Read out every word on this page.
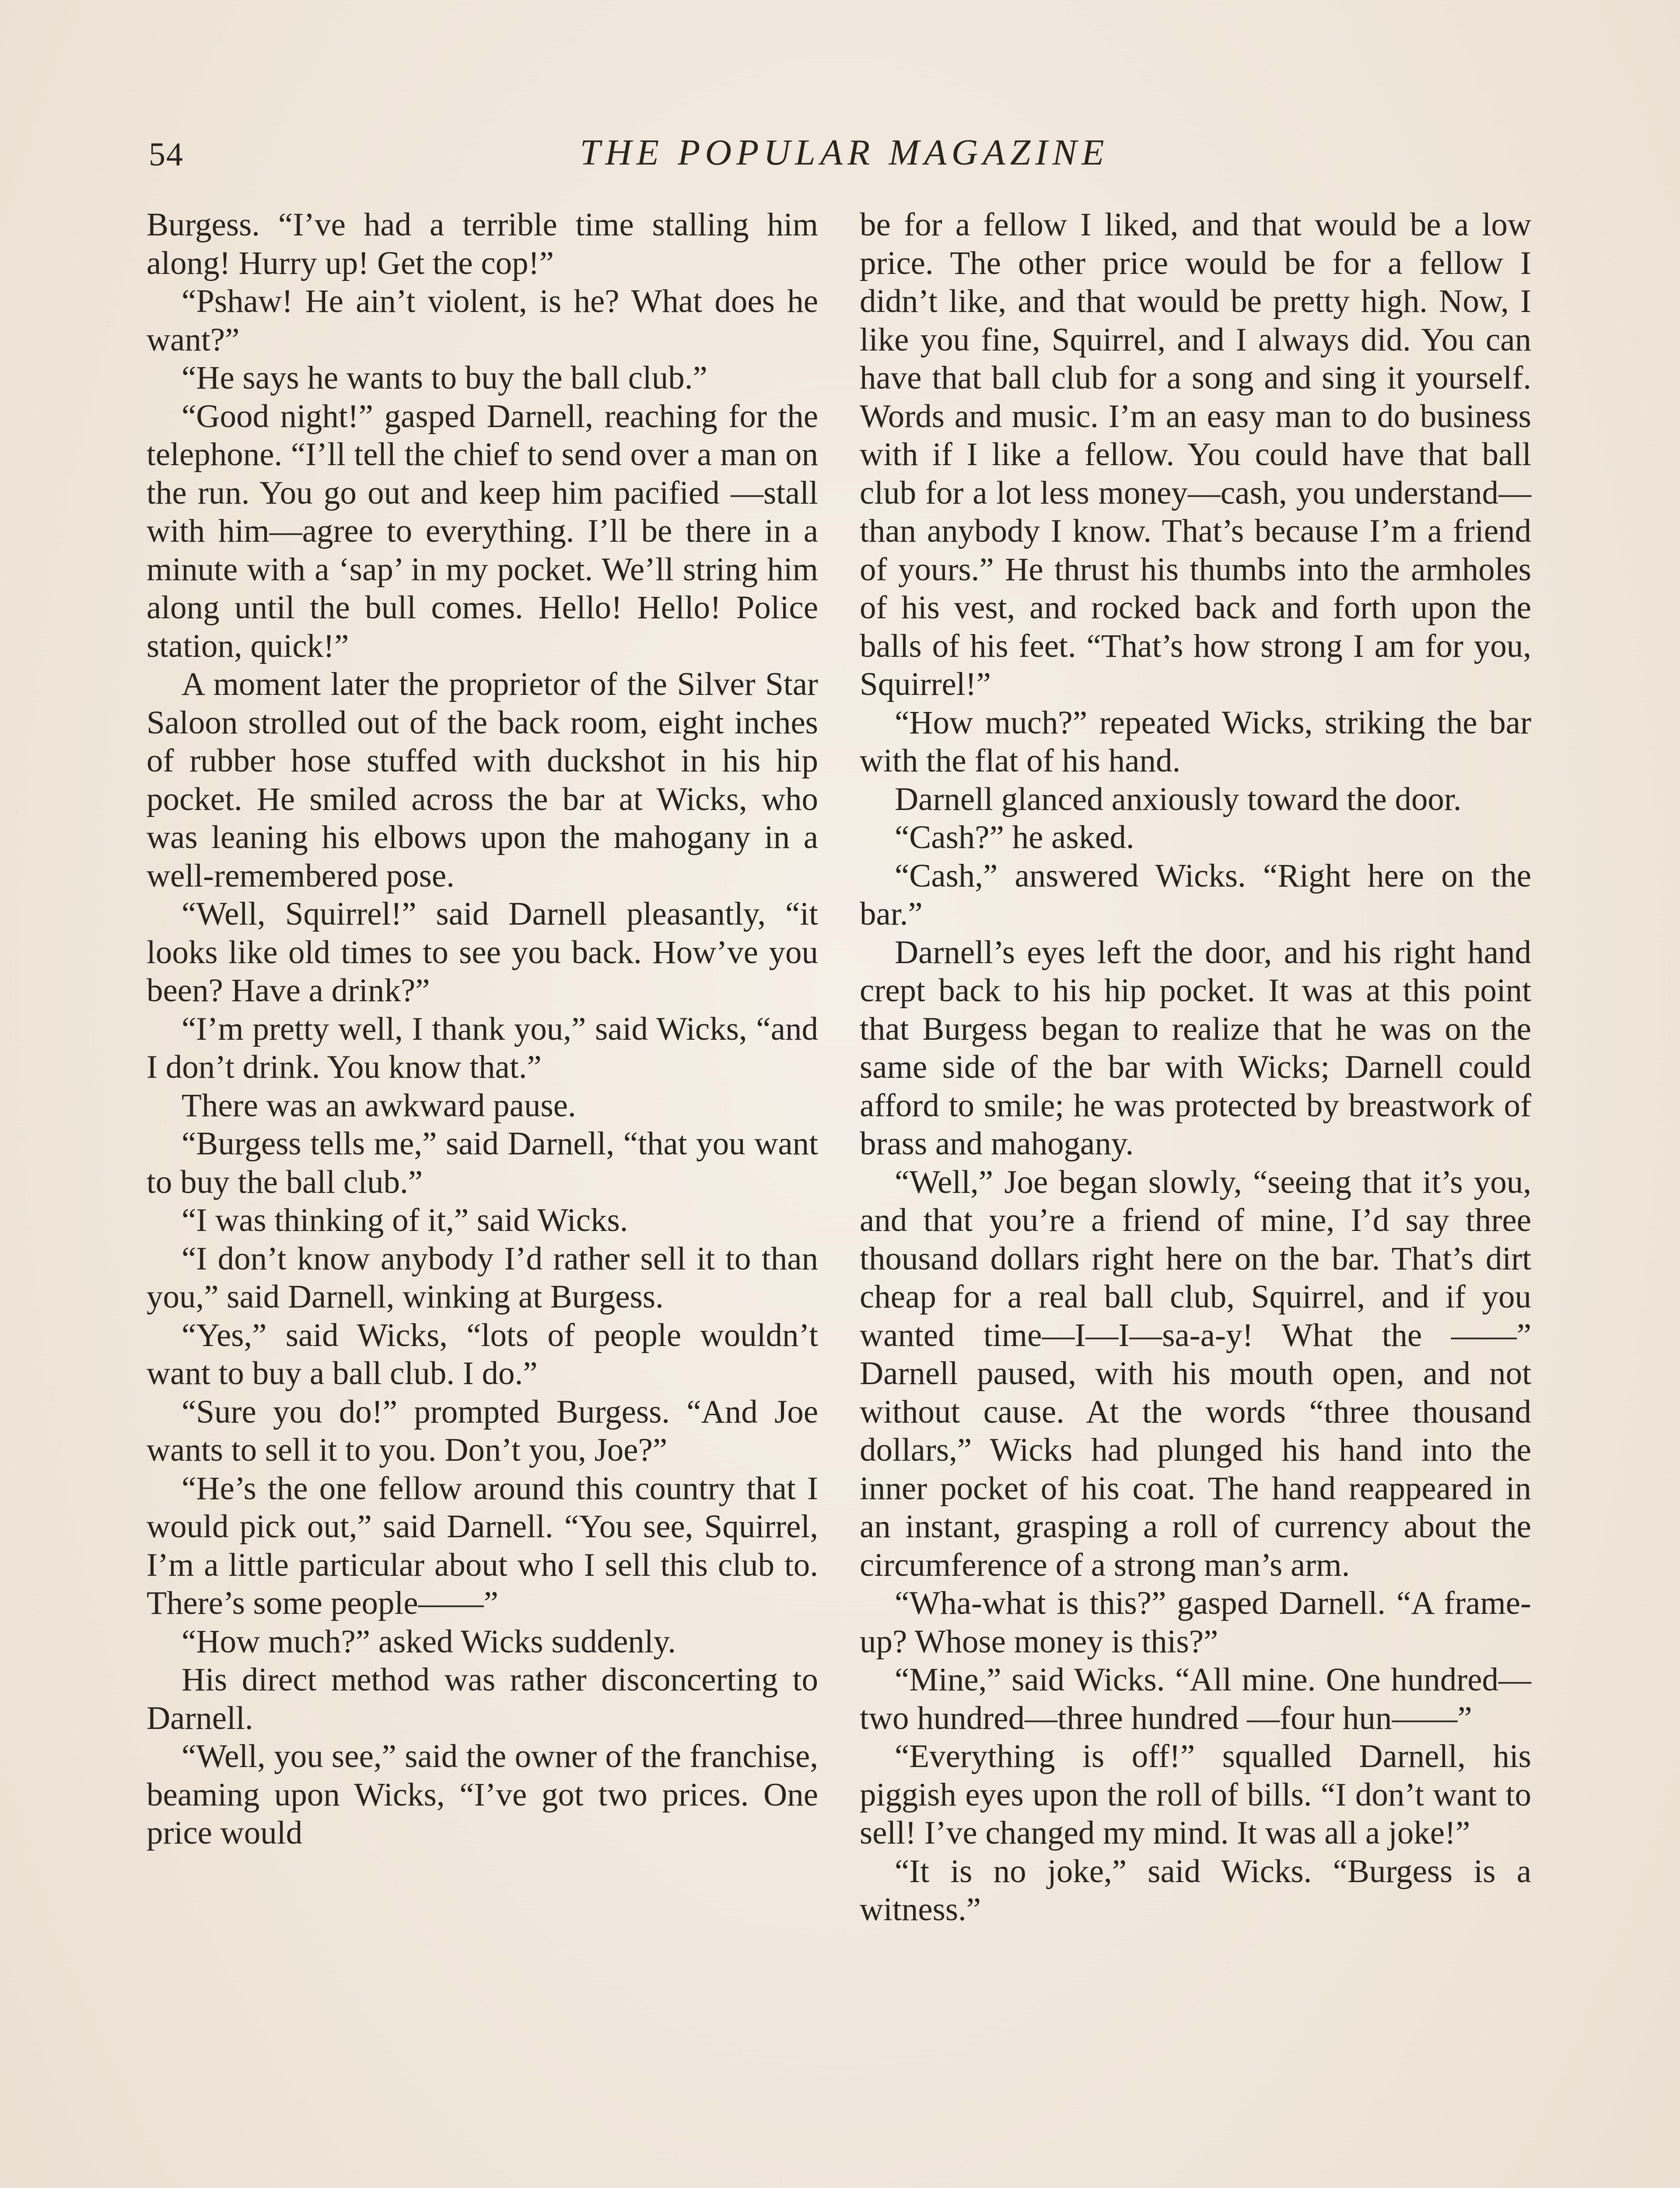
54	THE POPULAR MAGAZINE

Burgess. “I’ve had a terrible time stalling him along! Hurry up! Get the cop!”

“Pshaw! He ain’t violent, is he? What does he want?”

“He says he wants to buy the ball club.”

“Good night!” gasped Darnell, reaching for the telephone. “I’ll tell the chief to send over a man on the run. You go out and keep him pacified —stall with him—agree to everything. I’ll be there in a minute with a ‘sap’ in my pocket. We’ll string him along until the bull comes. Hello! Hello! Police station, quick!”

A moment later the proprietor of the Silver Star Saloon strolled out of the back room, eight inches of rubber hose stuffed with duckshot in his hip pocket. He smiled across the bar at Wicks, who was leaning his elbows upon the mahogany in a well-remembered pose.

“Well, Squirrel!” said Darnell pleasantly, “it looks like old times to see you back. How’ve you been? Have a drink?”

“I’m pretty well, I thank you,” said Wicks, “and I don’t drink. You know that.”

There was an awkward pause.

“Burgess tells me,” said Darnell, “that you want to buy the ball club.”

“I was thinking of it,” said Wicks.

“I don’t know anybody I’d rather sell it to than you,” said Darnell, winking at Burgess.

“Yes,” said Wicks, “lots of people wouldn’t want to buy a ball club. I do.”

“Sure you do!” prompted Burgess. “And Joe wants to sell it to you. Don’t you, Joe?”

“He’s the one fellow around this country that I would pick out,” said Darnell. “You see, Squirrel, I’m a little particular about who I sell this club to. There’s some people——”

“How much?” asked Wicks suddenly.

His direct method was rather disconcerting to Darnell.

“Well, you see,” said the owner of the franchise, beaming upon Wicks, “I’ve got two prices. One price would

be for a fellow I liked, and that would be a low price. The other price would be for a fellow I didn’t like, and that would be pretty high. Now, I like you fine, Squirrel, and I always did. You can have that ball club for a song and sing it yourself. Words and music. I’m an easy man to do business with if I like a fellow. You could have that ball club for a lot less money—cash, you understand—than anybody I know. That’s because I’m a friend of yours.” He thrust his thumbs into the armholes of his vest, and rocked back and forth upon the balls of his feet. “That’s how strong I am for you, Squirrel!”

“How much?” repeated Wicks, striking the bar with the flat of his hand.

Darnell glanced anxiously toward the door.

“Cash?” he asked.

“Cash,” answered Wicks. “Right here on the bar.”

Darnell’s eyes left the door, and his right hand crept back to his hip pocket. It was at this point that Burgess began to realize that he was on the same side of the bar with Wicks; Darnell could afford to smile; he was protected by breastwork of brass and mahogany.

“Well,” Joe began slowly, “seeing that it’s you, and that you’re a friend of mine, I’d say three thousand dollars right here on the bar. That’s dirt cheap for a real ball club, Squirrel, and if you wanted time—I—I—sa-a-y! What the ——” Darnell paused, with his mouth open, and not without cause. At the words “three thousand dollars,” Wicks had plunged his hand into the inner pocket of his coat. The hand reappeared in an instant, grasping a roll of currency about the circumference of a strong man’s arm.

“Wha-what is this?” gasped Darnell. “A frame-up? Whose money is this?”

“Mine,” said Wicks. “All mine. One hundred—two hundred—three hundred —four hun——”

“Everything is off!” squalled Darnell, his piggish eyes upon the roll of bills. “I don’t want to sell! I’ve changed my mind. It was all a joke!”

“It is no joke,” said Wicks. “Burgess is a witness.”
